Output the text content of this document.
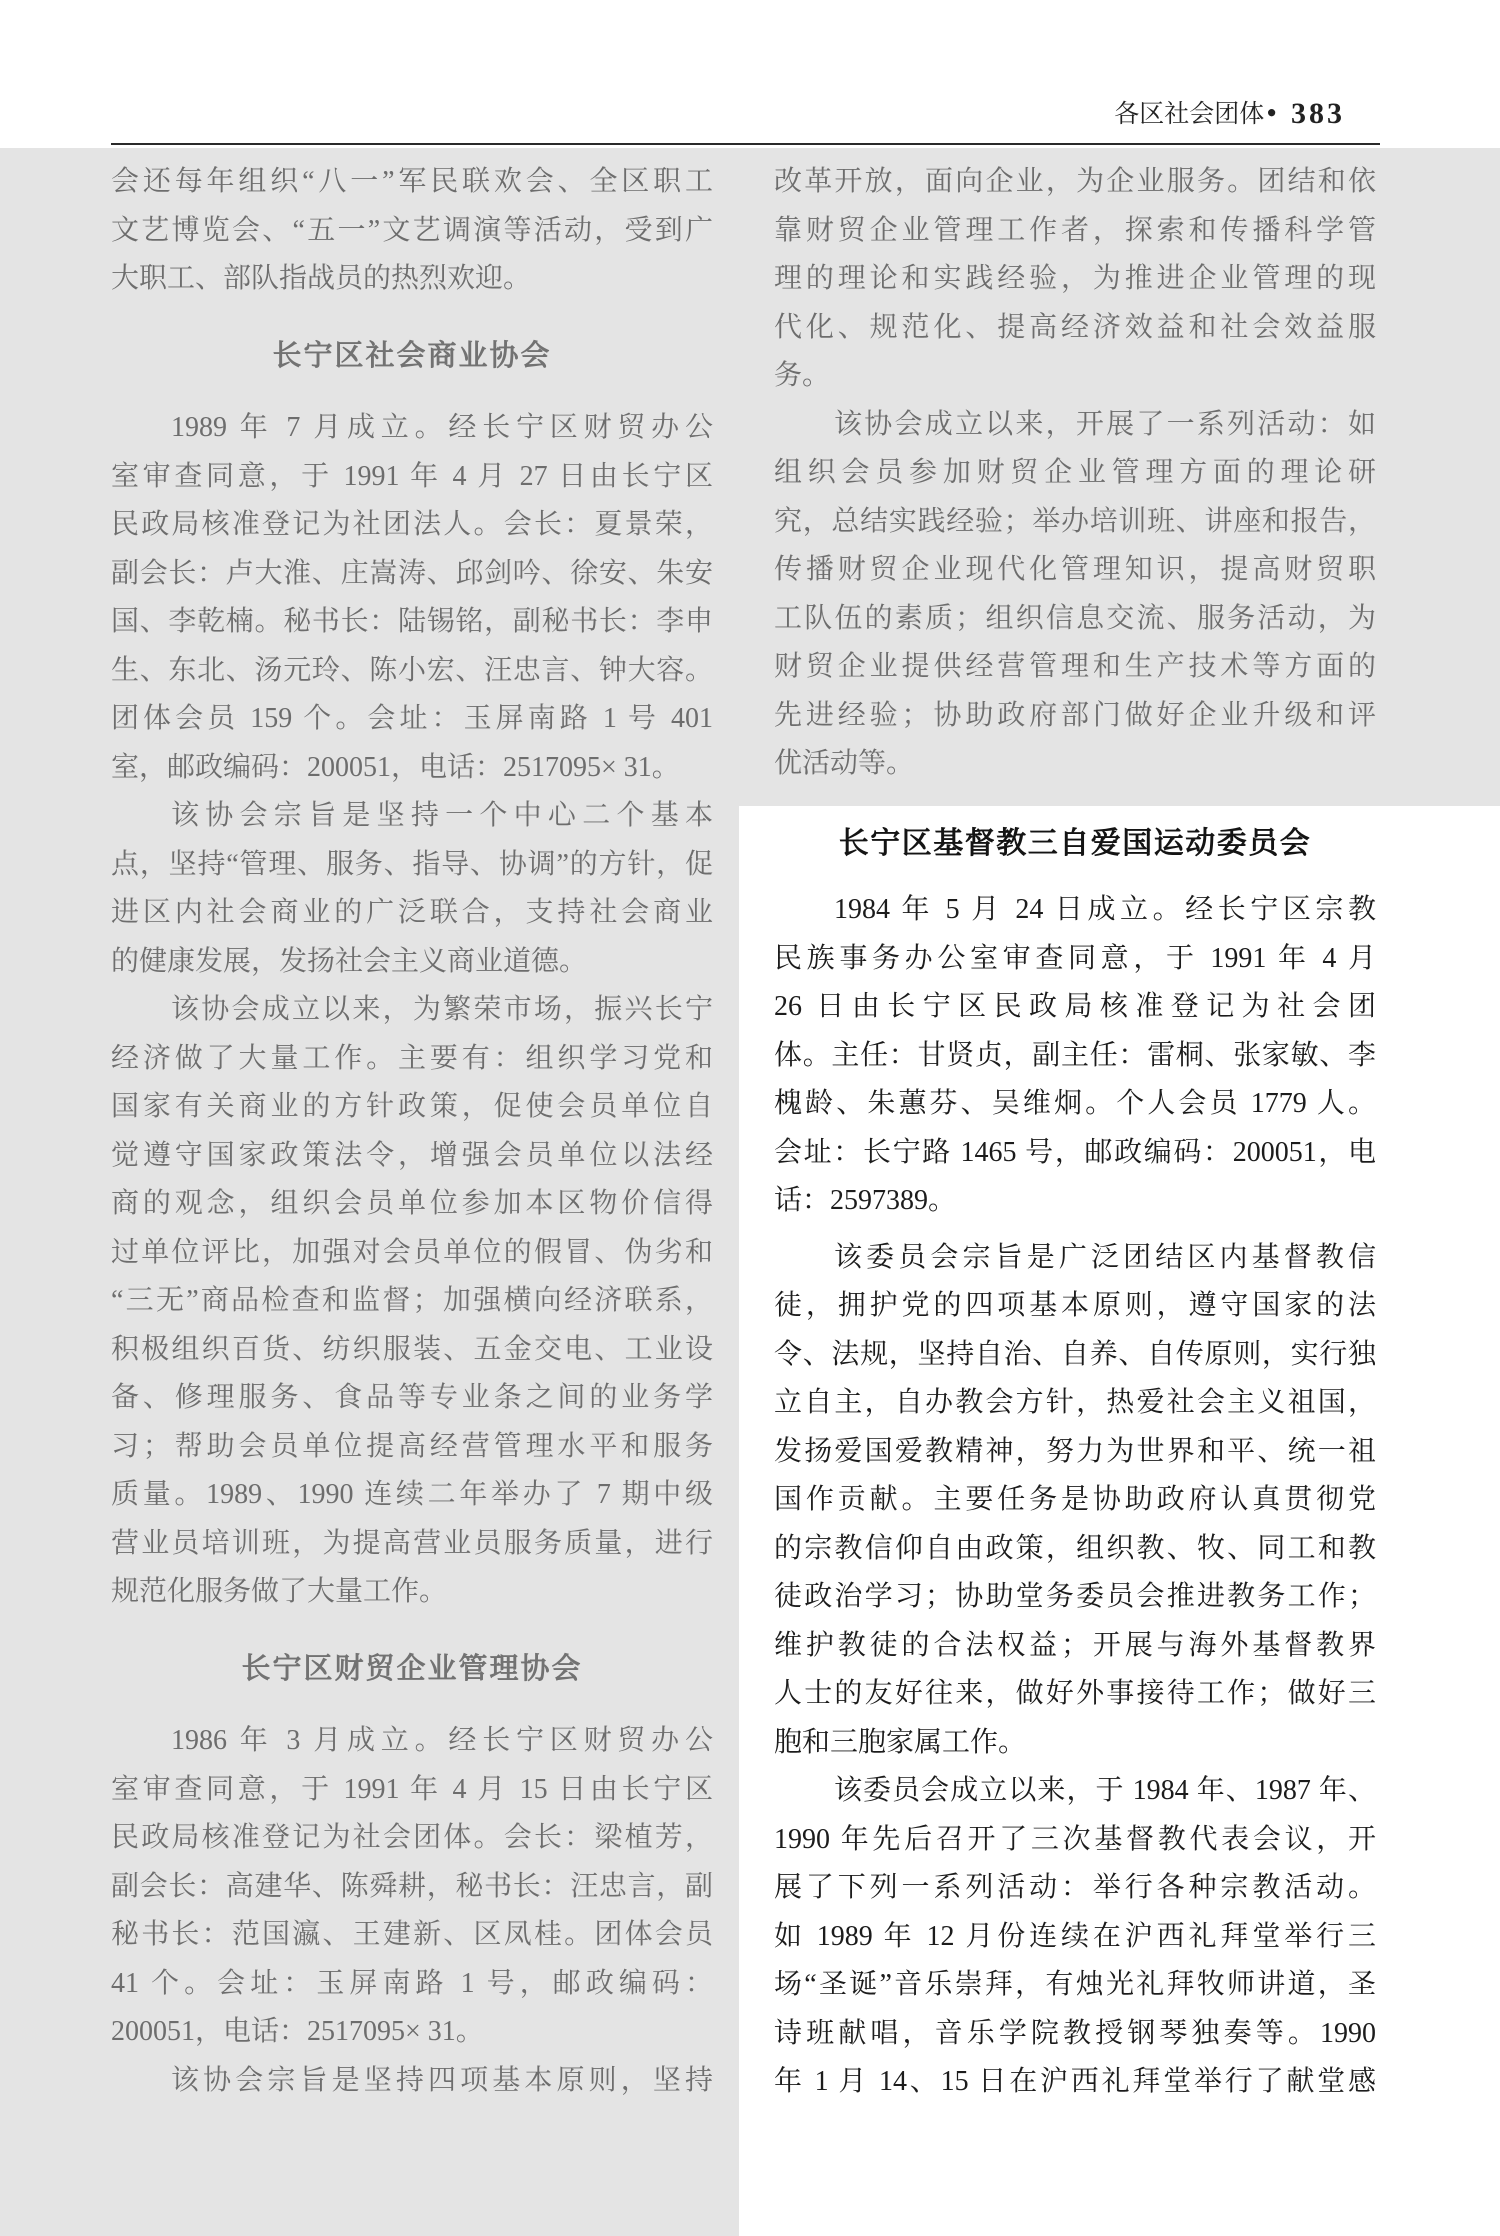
各区社会团体• 383
会还每年组织“八一”军民联欢会、全区职工
文艺博览会、“五一”文艺调演等活动，受到广
大职工、部队指战员的热烈欢迎。
长宁区社会商业协会
1989 年 7 月成立。经长宁区财贸办公
室审查同意，于 1991 年 4 月 27 日由长宁区
民政局核准登记为社团法人。会长：夏景荣，
副会长：卢大淮、庄嵩涛、邱剑吟、徐安、朱安
国、李乾楠。秘书长：陆锡铭，副秘书长：李申
生、东北、汤元玲、陈小宏、汪忠言、钟大容。
团体会员 159 个。会址：玉屏南路 1 号 401
室，邮政编码：200051，电话：2517095× 31。
该协会宗旨是坚持一个中心二个基本
点，坚持“管理、服务、指导、协调”的方针，促
进区内社会商业的广泛联合，支持社会商业
的健康发展，发扬社会主义商业道德。
该协会成立以来，为繁荣市场，振兴长宁
经济做了大量工作。主要有：组织学习党和
国家有关商业的方针政策，促使会员单位自
觉遵守国家政策法令，增强会员单位以法经
商的观念，组织会员单位参加本区物价信得
过单位评比，加强对会员单位的假冒、伪劣和
“三无”商品检查和监督；加强横向经济联系，
积极组织百货、纺织服装、五金交电、工业设
备、修理服务、食品等专业条之间的业务学
习；帮助会员单位提高经营管理水平和服务
质量。1989、1990 连续二年举办了 7 期中级
营业员培训班，为提高营业员服务质量，进行
规范化服务做了大量工作。
长宁区财贸企业管理协会
1986 年 3 月成立。经长宁区财贸办公
室审查同意，于 1991 年 4 月 15 日由长宁区
民政局核准登记为社会团体。会长：梁植芳，
副会长：高建华、陈舜耕，秘书长：汪忠言，副
秘书长：范国瀛、王建新、区凤桂。团体会员
41 个。会址：玉屏南路 1 号，邮政编码：
200051，电话：2517095× 31。
该协会宗旨是坚持四项基本原则，坚持
改革开放，面向企业，为企业服务。团结和依
靠财贸企业管理工作者，探索和传播科学管
理的理论和实践经验，为推进企业管理的现
代化、规范化、提高经济效益和社会效益服
务。
该协会成立以来，开展了一系列活动：如
组织会员参加财贸企业管理方面的理论研
究，总结实践经验；举办培训班、讲座和报告，
传播财贸企业现代化管理知识，提高财贸职
工队伍的素质；组织信息交流、服务活动，为
财贸企业提供经营管理和生产技术等方面的
先进经验；协助政府部门做好企业升级和评
优活动等。
长宁区基督教三自爱国运动委员会
1984 年 5 月 24 日成立。经长宁区宗教
民族事务办公室审查同意，于 1991 年 4 月
26 日由长宁区民政局核准登记为社会团
体。主任：甘贤贞，副主任：雷桐、张家敏、李
槐龄、朱蕙芬、吴维炯。个人会员 1779 人。
会址：长宁路 1465 号，邮政编码：200051，电
话：2597389。
该委员会宗旨是广泛团结区内基督教信
徒，拥护党的四项基本原则，遵守国家的法
令、法规，坚持自治、自养、自传原则，实行独
立自主，自办教会方针，热爱社会主义祖国，
发扬爱国爱教精神，努力为世界和平、统一祖
国作贡献。主要任务是协助政府认真贯彻党
的宗教信仰自由政策，组织教、牧、同工和教
徒政治学习；协助堂务委员会推进教务工作；
维护教徒的合法权益；开展与海外基督教界
人士的友好往来，做好外事接待工作；做好三
胞和三胞家属工作。
该委员会成立以来，于 1984 年、1987 年、
1990 年先后召开了三次基督教代表会议，开
展了下列一系列活动：举行各种宗教活动。
如 1989 年 12 月份连续在沪西礼拜堂举行三
场“圣诞”音乐崇拜，有烛光礼拜牧师讲道，圣
诗班献唱，音乐学院教授钢琴独奏等。1990
年 1 月 14、15 日在沪西礼拜堂举行了献堂感
